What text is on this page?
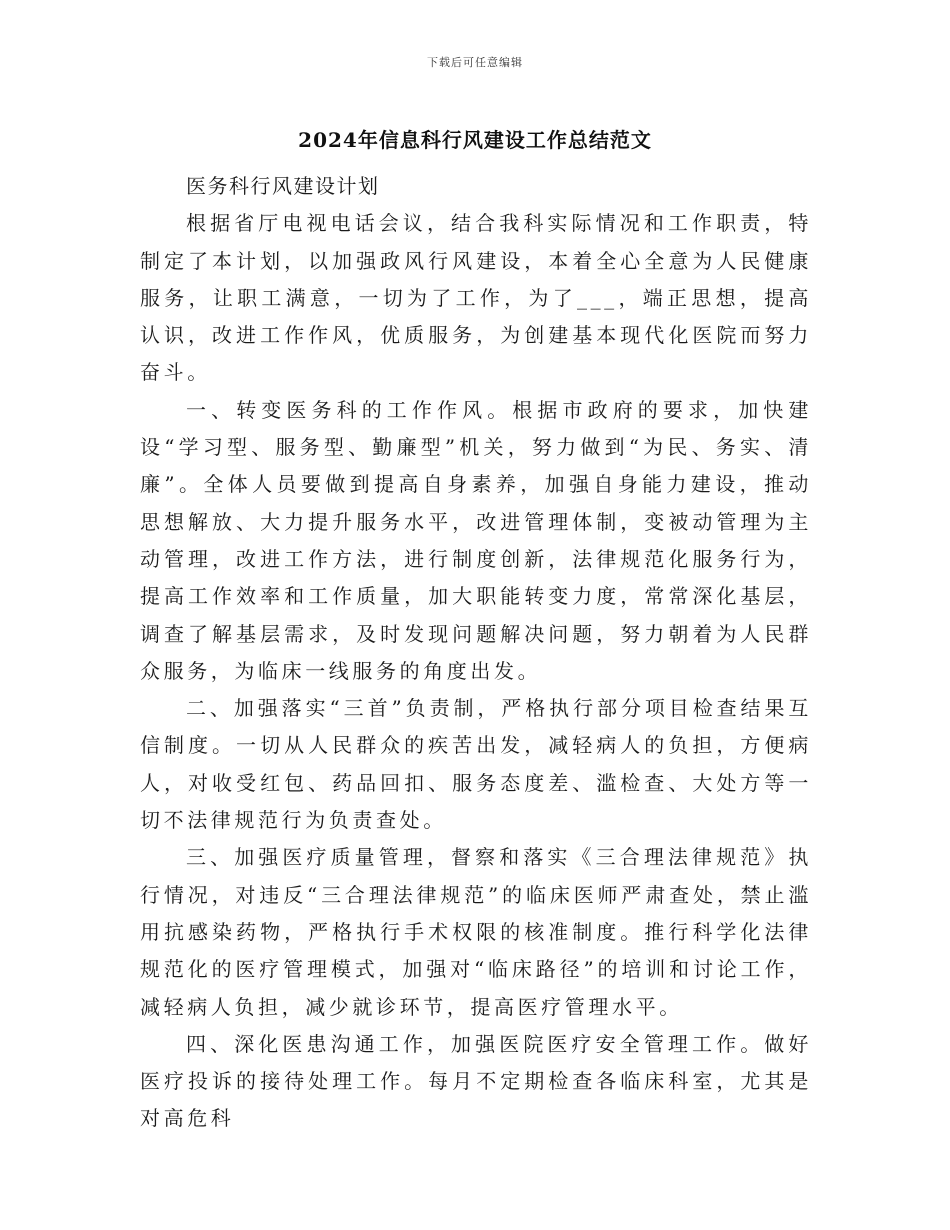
下载后可任意编辑
2024年信息科行风建设工作总结范文

医务科行风建设计划

根据省厅电视电话会议，结合我科实际情况和工作职责，特制定了本计划，以加强政风行风建设，本着全心全意为人民健康服务，让职工满意，一切为了工作，为了___，端正思想，提高认识，改进工作作风，优质服务，为创建基本现代化医院而努力奋斗。

一、转变医务科的工作作风。根据市政府的要求，加快建设“学习型、服务型、勤廉型”机关，努力做到“为民、务实、清廉”。全体人员要做到提高自身素养，加强自身能力建设，推动思想解放、大力提升服务水平，改进管理体制，变被动管理为主动管理，改进工作方法，进行制度创新，法律规范化服务行为，提高工作效率和工作质量，加大职能转变力度，常常深化基层，调查了解基层需求，及时发现问题解决问题，努力朝着为人民群众服务，为临床一线服务的角度出发。

二、加强落实“三首”负责制，严格执行部分项目检查结果互信制度。一切从人民群众的疾苦出发，减轻病人的负担，方便病人，对收受红包、药品回扣、服务态度差、滥检查、大处方等一切不法律规范行为负责查处。

三、加强医疗质量管理，督察和落实《三合理法律规范》执行情况，对违反“三合理法律规范”的临床医师严肃查处，禁止滥用抗感染药物，严格执行手术权限的核准制度。推行科学化法律规范化的医疗管理模式，加强对“临床路径”的培训和讨论工作，减轻病人负担，减少就诊环节，提高医疗管理水平。

四、深化医患沟通工作，加强医院医疗安全管理工作。做好医疗投诉的接待处理工作。每月不定期检查各临床科室，尤其是对高危科
